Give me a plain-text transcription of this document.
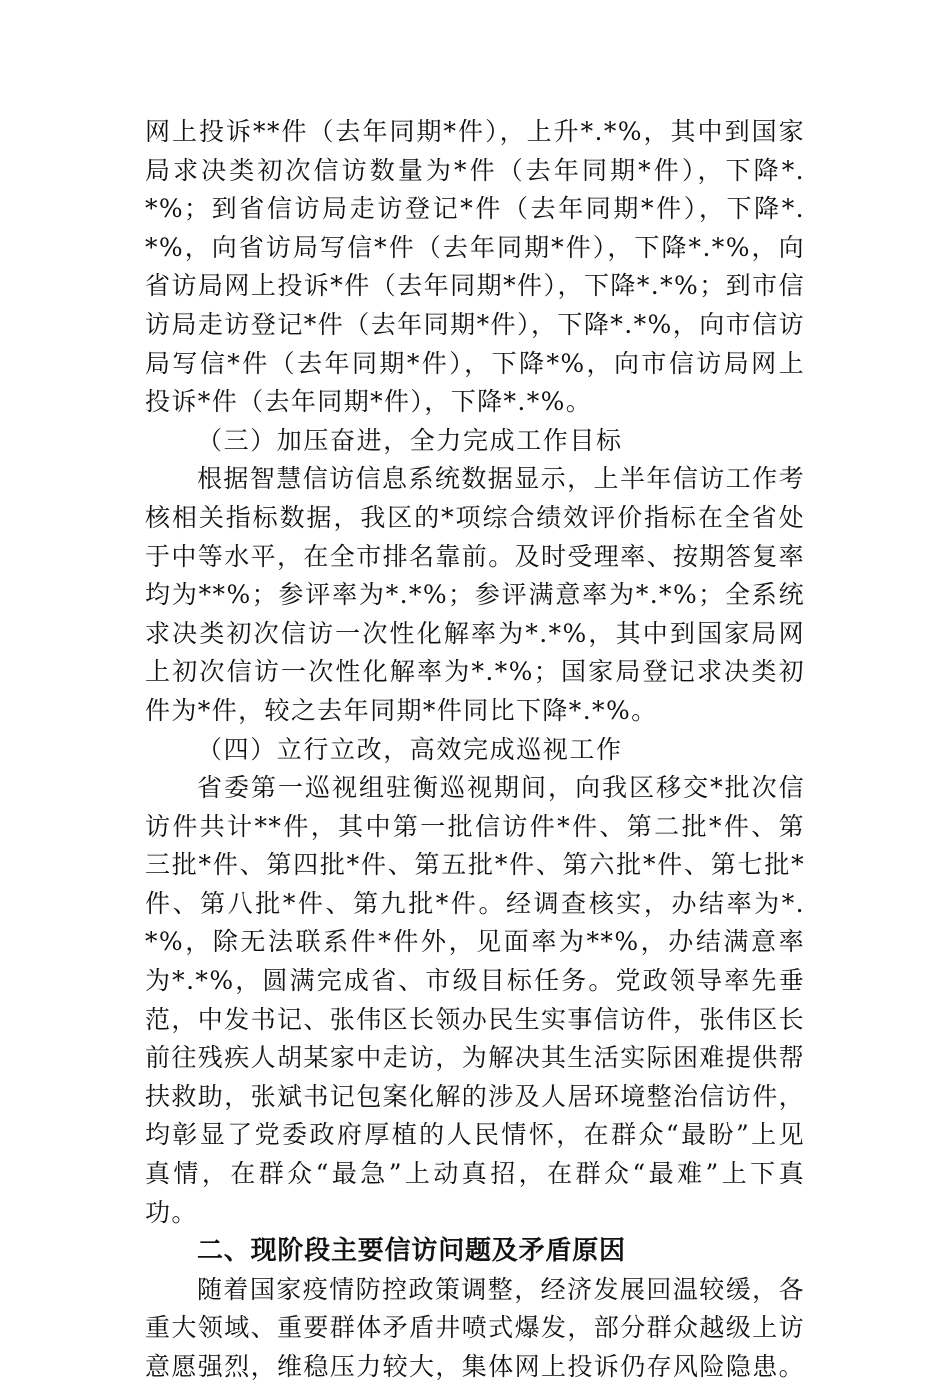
网上投诉**件（去年同期*件），上升*.*%，其中到国家局求决类初次信访数量为*件（去年同期*件），下降*.*%；到省信访局走访登记*件（去年同期*件），下降*.*%，向省访局写信*件（去年同期*件），下降*.*%，向省访局网上投诉*件（去年同期*件），下降*.*%；到市信访局走访登记*件（去年同期*件），下降*.*%，向市信访局写信*件（去年同期*件），下降*%，向市信访局网上投诉*件（去年同期*件），下降*.*%。

（三）加压奋进，全力完成工作目标

根据智慧信访信息系统数据显示，上半年信访工作考核相关指标数据，我区的*项综合绩效评价指标在全省处于中等水平，在全市排名靠前。及时受理率、按期答复率均为**%；参评率为*.*%；参评满意率为*.*%；全系统求决类初次信访一次性化解率为*.*%，其中到国家局网上初次信访一次性化解率为*.*%；国家局登记求决类初件为*件，较之去年同期*件同比下降*.*%。

（四）立行立改，高效完成巡视工作

省委第一巡视组驻衡巡视期间，向我区移交*批次信访件共计**件，其中第一批信访件*件、第二批*件、第三批*件、第四批*件、第五批*件、第六批*件、第七批*件、第八批*件、第九批*件。经调查核实，办结率为*.*%，除无法联系件*件外，见面率为**%，办结满意率为*.*%，圆满完成省、市级目标任务。党政领导率先垂范，中发书记、张伟区长领办民生实事信访件，张伟区长前往残疾人胡某家中走访，为解决其生活实际困难提供帮扶救助，张斌书记包案化解的涉及人居环境整治信访件，均彰显了党委政府厚植的人民情怀，在群众“最盼”上见真情，在群众“最急”上动真招，在群众“最难”上下真功。

二、现阶段主要信访问题及矛盾原因

随着国家疫情防控政策调整，经济发展回温较缓，各重大领域、重要群体矛盾井喷式爆发，部分群众越级上访意愿强烈，维稳压力较大，集体网上投诉仍存风险隐患。
